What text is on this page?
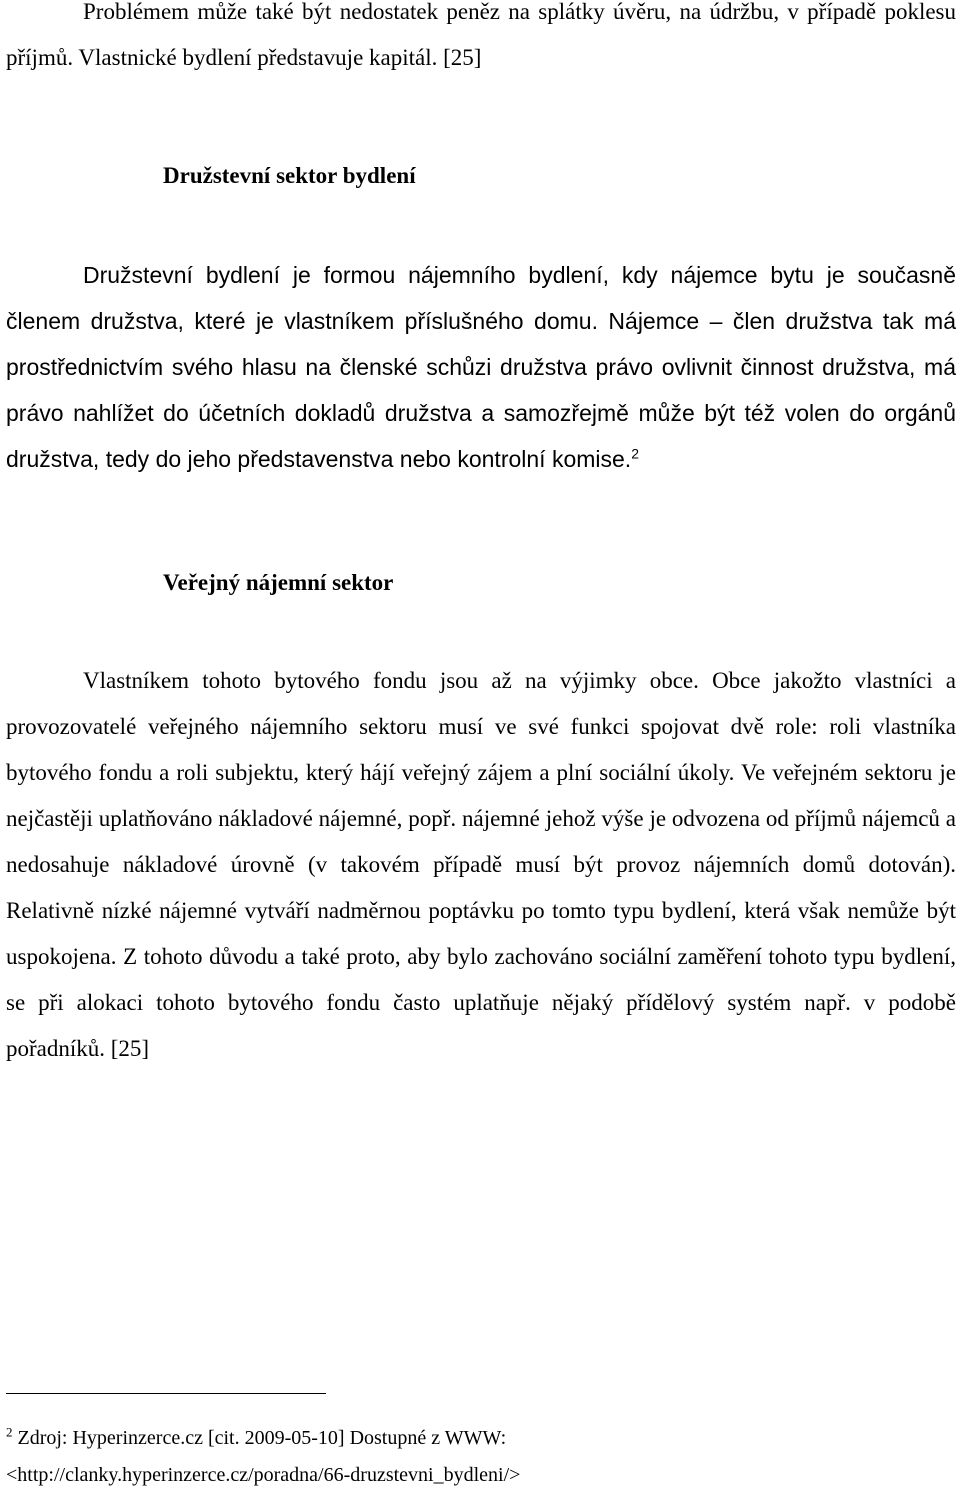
Problémem může také být nedostatek peněz na splátky úvěru, na údržbu, v případě poklesu příjmů. Vlastnické bydlení představuje kapitál. [25]

Družstevní sektor bydlení

Družstevní bydlení je formou nájemního bydlení, kdy nájemce bytu je současně členem družstva, které je vlastníkem příslušného domu. Nájemce – člen družstva tak má prostřednictvím svého hlasu na členské schůzi družstva právo ovlivnit činnost družstva, má právo nahlížet do účetních dokladů družstva a samozřejmě může být též volen do orgánů družstva, tedy do jeho představenstva nebo kontrolní komise.$^2$

Veřejný nájemní sektor

Vlastníkem tohoto bytového fondu jsou až na výjimky obce. Obce jakožto vlastníci a provozovatelé veřejného nájemního sektoru musí ve své funkci spojovat dvě role: roli vlastníka bytového fondu a roli subjektu, který hájí veřejný zájem a plní sociální úkoly. Ve veřejném sektoru je nejčastěji uplatňováno nákladové nájemné, popř. nájemné jehož výše je odvozena od příjmů nájemců a nedosahuje nákladové úrovně (v takovém případě musí být provoz nájemních domů dotován). Relativně nízké nájemné vytváří nadměrnou poptávku po tomto typu bydlení, která však nemůže být uspokojena. Z tohoto důvodu a také proto, aby bylo zachováno sociální zaměření tohoto typu bydlení, se při alokaci tohoto bytového fondu často uplatňuje nějaký přídělový systém např. v podobě pořadníků. [25]

$^2$ Zdroj: Hyperinzerce.cz [cit. 2009-05-10] Dostupné z WWW:
<http://clanky.hyperinzerce.cz/poradna/66-druzstevni_bydleni/>
